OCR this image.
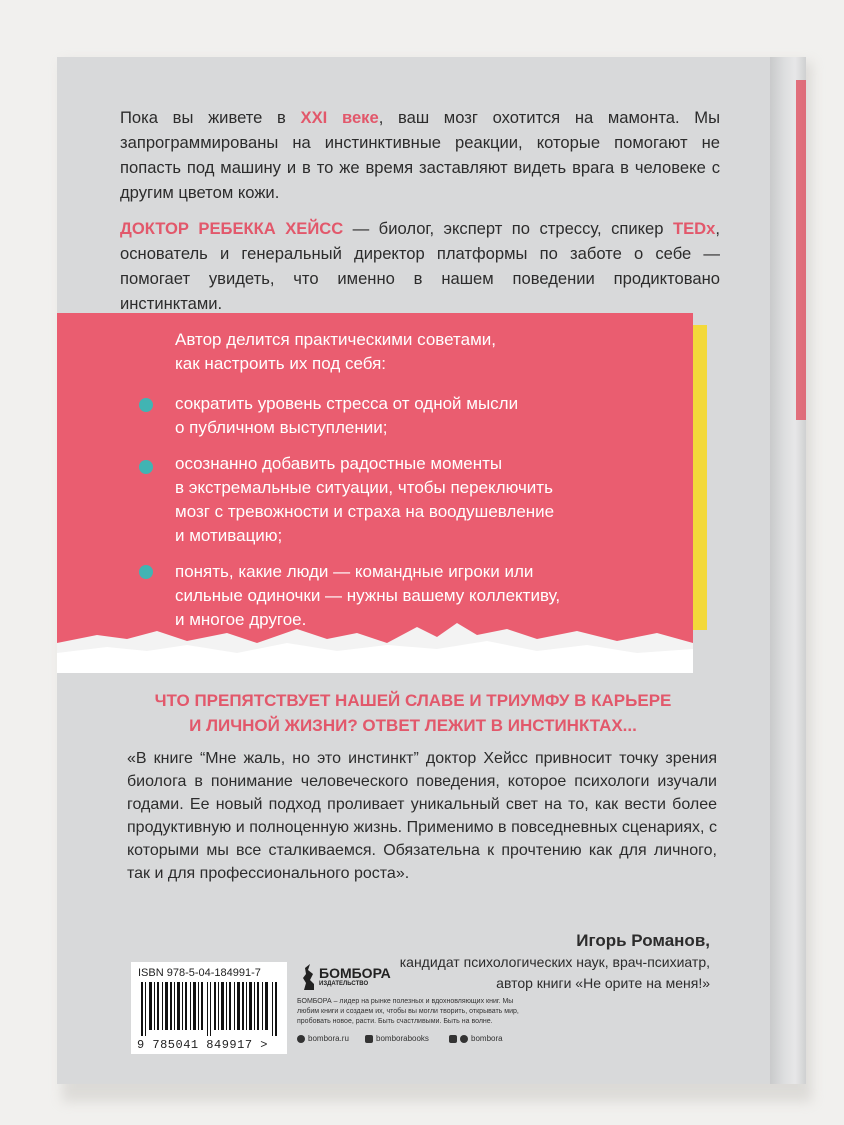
Пока вы живете в XXI веке, ваш мозг охотится на мамонта. Мы запрограммированы на инстинктивные реакции, которые помогают не попасть под машину и в то же время заставляют видеть врага в человеке с другим цветом кожи.

ДОКТОР РЕБЕККА ХЕЙСС — биолог, эксперт по стрессу, спикер TEDx, основатель и генеральный директор платформы по заботе о себе — помогает увидеть, что именно в нашем поведении продиктовано инстинктами.

Автор делится практическими советами,

как настроить их под себя:

сократить уровень стресса от одной мысли

о публичном выступлении;

осознанно добавить радостные моменты

в экстремальные ситуации, чтобы переключить

мозг с тревожности и страха на воодушевление

и мотивацию;

понять, какие люди — командные игроки или

сильные одиночки — нужны вашему коллективу,

и многое другое.

ЧТО ПРЕПЯТСТВУЕТ НАШЕЙ СЛАВЕ И ТРИУМФУ В КАРЬЕРЕ
И ЛИЧНОЙ ЖИЗНИ? ОТВЕТ ЛЕЖИТ В ИНСТИНКТАХ...

«В книге “Мне жаль, но это инстинкт” доктор Хейсс привносит точку зрения биолога в понимание человеческого поведения, которое психологи изучали годами. Ее новый подход проливает уникальный свет на то, как вести более продуктивную и полноценную жизнь. Применимо в повседневных сценариях, с которыми мы все сталкиваемся. Обязательна к прочтению как для личного, так и для профессионального роста».

Игорь Романов,
кандидат психологических наук, врач-психиатр,
автор книги «Не орите на меня!»
ISBN 978-5-04-184991-7
9 785041 849917 >
БОМБОРА
ИЗДАТЕЛЬСТВО

БОМБОРА – лидер на рынке полезных и вдохновляющих книг. Мы любим книги и создаем их, чтобы вы могли творить, открывать мир, пробовать новое, расти. Быть счастливыми. Быть на волне.

bombora.ru	bomborabooks	bombora
